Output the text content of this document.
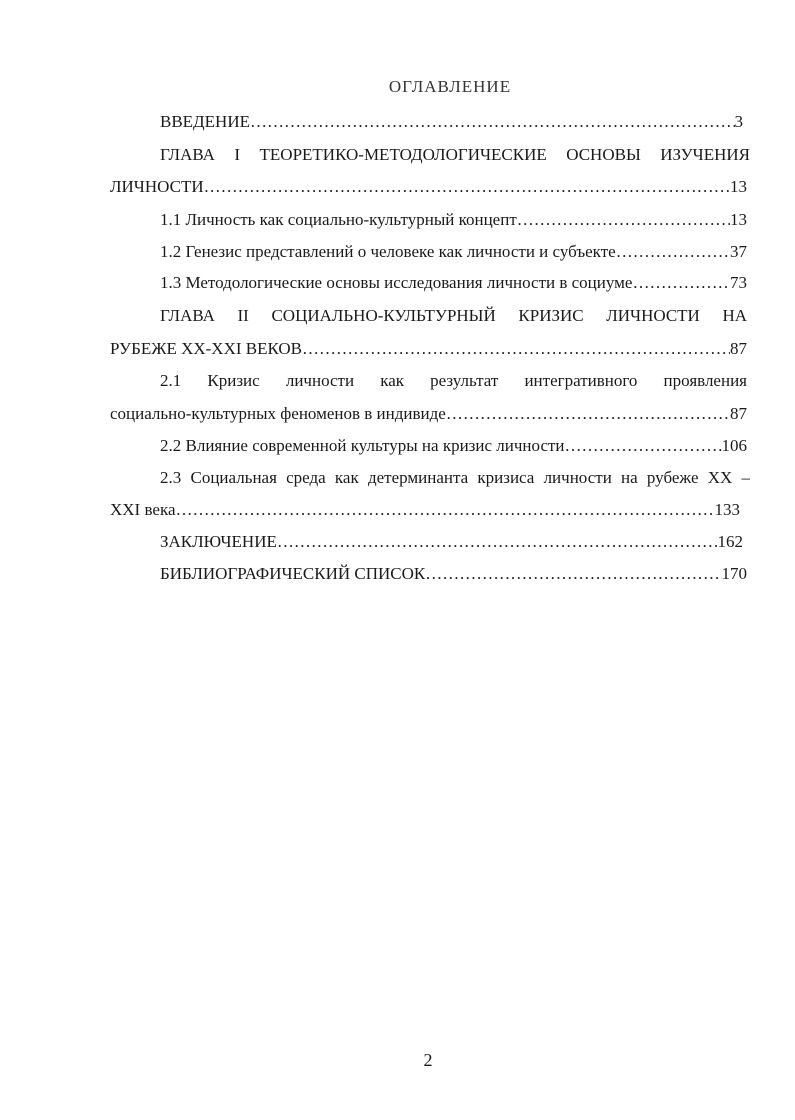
ОГЛАВЛЕНИЕ
ВВЕДЕНИЕ ……………………………………………………………………………………………………………………………………………………………………………………………………………	3
ГЛАВА I ТЕОРЕТИКО-МЕТОДОЛОГИЧЕСКИЕ ОСНОВЫ ИЗУЧЕНИЯ
ЛИЧНОСТИ ……………………………………………………………………………………………………………………………………………………………………………………………………………	13
1.1 Личность как социально-культурный концепт ……………………………………………………………………………………………………………………………………………………………………………………………………………	13
1.2 Генезис представлений о человеке как личности и субъекте ……………………………………………………………………………………………………………………………………………………………………………………………………………	37
1.3 Методологические основы исследования личности в социуме ……………………………………………………………………………………………………………………………………………………………………………………………………………	73
ГЛАВА II СОЦИАЛЬНО-КУЛЬТУРНЫЙ КРИЗИС ЛИЧНОСТИ НА
РУБЕЖЕ XX-XXI ВЕКОВ ……………………………………………………………………………………………………………………………………………………………………………………………………………	87
2.1 Кризис личности как результат интегративного проявления
социально-культурных феноменов в индивиде ……………………………………………………………………………………………………………………………………………………………………………………………………………	87
2.2 Влияние современной культуры на кризис личности ……………………………………………………………………………………………………………………………………………………………………………………………………………	106
2.3 Социальная среда как детерминанта кризиса личности на рубеже XX –
XXI века ……………………………………………………………………………………………………………………………………………………………………………………………………………	133
ЗАКЛЮЧЕНИЕ ……………………………………………………………………………………………………………………………………………………………………………………………………………	162
БИБЛИОГРАФИЧЕСКИЙ СПИСОК ……………………………………………………………………………………………………………………………………………………………………………………………………………	170
2
